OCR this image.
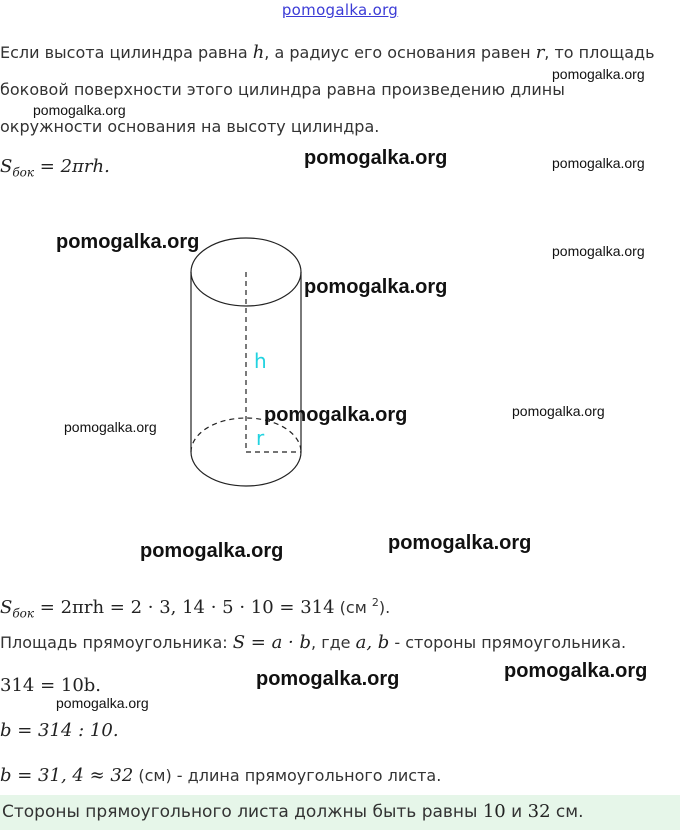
pomogalka.org
Если высота цилиндра равна h, а радиус его основания равен r, то площадь
боковой поверхности этого цилиндра равна произведению длины
окружности основания на высоту цилиндра.
$S_{бок} = 2\pi rh$.
h
r
$S_{бок} = 2\pi rh = 2 \cdot 3$, 14 · 5 · 10 = 314 (см $^2$).
Площадь прямоугольника: S = a · b, где a, b - стороны прямоугольника.
314 = 10b.
b = 314 : 10.
b = 31, 4 ≈ 32 (см) - длина прямоугольного листа.
Стороны прямоугольного листа должны быть равны 10 и 32 см.
pomogalka.org
pomogalka.org
pomogalka.org	pomogalka.org
pomogalka.org	pomogalka.org
pomogalka.org
pomogalka.org	pomogalka.org
pomogalka.org
pomogalka.org	pomogalka.org
pomogalka.org
pomogalka.org
pomogalka.org
